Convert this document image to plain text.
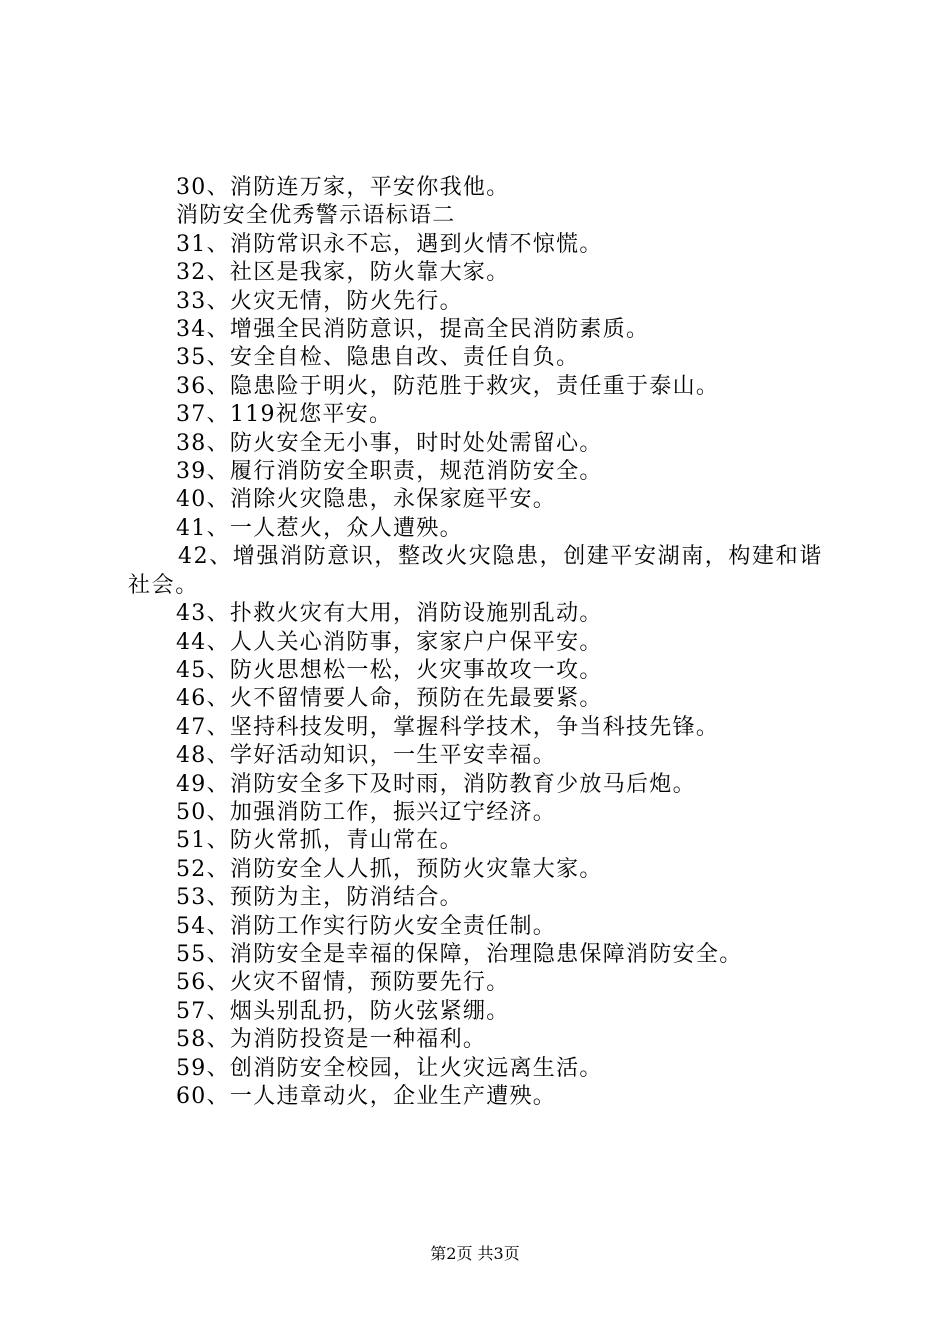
30、消防连万家，平安你我他。

消防安全优秀警示语标语二

31、消防常识永不忘，遇到火情不惊慌。

32、社区是我家，防火靠大家。

33、火灾无情，防火先行。

34、增强全民消防意识，提高全民消防素质。

35、安全自检、隐患自改、责任自负。

36、隐患险于明火，防范胜于救灾，责任重于泰山。

37、119祝您平安。

38、防火安全无小事，时时处处需留心。

39、履行消防安全职责，规范消防安全。

40、消除火灾隐患，永保家庭平安。

41、一人惹火，众人遭殃。

42、增强消防意识，整改火灾隐患，创建平安湖南，构建和谐社会。

43、扑救火灾有大用，消防设施别乱动。

44、人人关心消防事，家家户户保平安。

45、防火思想松一松，火灾事故攻一攻。

46、火不留情要人命，预防在先最要紧。

47、坚持科技发明，掌握科学技术，争当科技先锋。

48、学好活动知识，一生平安幸福。

49、消防安全多下及时雨，消防教育少放马后炮。

50、加强消防工作，振兴辽宁经济。

51、防火常抓，青山常在。

52、消防安全人人抓，预防火灾靠大家。

53、预防为主，防消结合。

54、消防工作实行防火安全责任制。

55、消防安全是幸福的保障，治理隐患保障消防安全。

56、火灾不留情，预防要先行。

57、烟头别乱扔，防火弦紧绷。

58、为消防投资是一种福利。

59、创消防安全校园，让火灾远离生活。

60、一人违章动火，企业生产遭殃。

第2页 共3页
